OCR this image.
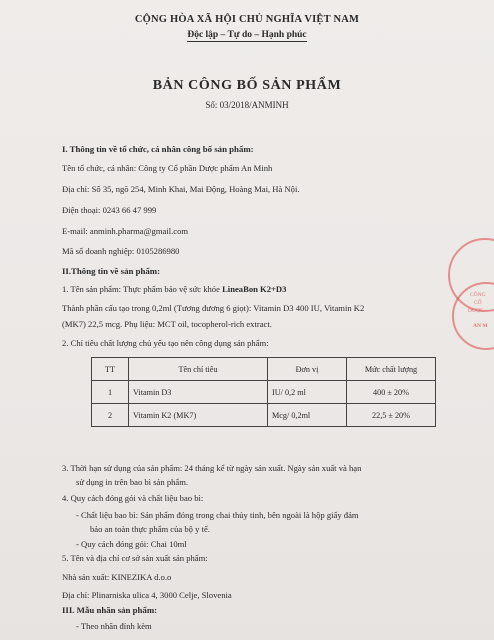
CỘNG HÒA XÃ HỘI CHỦ NGHĨA VIỆT NAM
Độc lập – Tự do – Hạnh phúc
BẢN CÔNG BỐ SẢN PHẨM
Số: 03/2018/ANMINH
I. Thông tin về tổ chức, cá nhân công bố sản phẩm:
Tên tổ chức, cá nhân: Công ty Cổ phần Dược phẩm An Minh
Địa chỉ: Số 35, ngõ 254, Minh Khai, Mai Động, Hoàng Mai, Hà Nội.
Điện thoại: 0243 66 47 999
E-mail: anminh.pharma@gmail.com
Mã số doanh nghiệp: 0105286980
II.Thông tin về sản phẩm:
1. Tên sản phẩm: Thực phẩm bảo vệ sức khỏe LineaBon K2+D3
Thành phần cấu tạo trong 0,2ml (Tương đương 6 giọt): Vitamin D3 400 IU, Vitamin K2
(MK7) 22,5 mcg. Phụ liệu: MCT oil, tocopherol-rich extract.
2. Chỉ tiêu chất lượng chủ yếu tạo nên công dụng sản phẩm:
TT	Tên chỉ tiêu	Đơn vị	Mức chất lượng
1	Vitamin D3	IU/ 0,2 ml	400 ± 20%
2	Vitamin K2 (MK7)	Mcg/ 0,2ml	22,5 ± 20%
3. Thời hạn sử dụng của sản phẩm: 24 tháng kể từ ngày sản xuất. Ngày sản xuất và hạn
sử dụng in trên bao bì sản phẩm.
4. Quy cách đóng gói và chất liệu bao bì:
- Chất liệu bao bì: Sản phẩm đóng trong chai thủy tinh, bên ngoài là hộp giấy đảm
bảo an toàn thực phẩm của bộ y tế.
- Quy cách đóng gói: Chai 10ml
5. Tên và địa chỉ cơ sở sản xuất sản phẩm:
Nhà sản xuất: KINEZIKA d.o.o
Địa chỉ: Plinarniska ulica 4, 3000 Celje, Slovenia
III. Mẫu nhãn sản phẩm:
- Theo nhãn đính kèm
CÔNG
CỔ
DƯỢC
AN M
